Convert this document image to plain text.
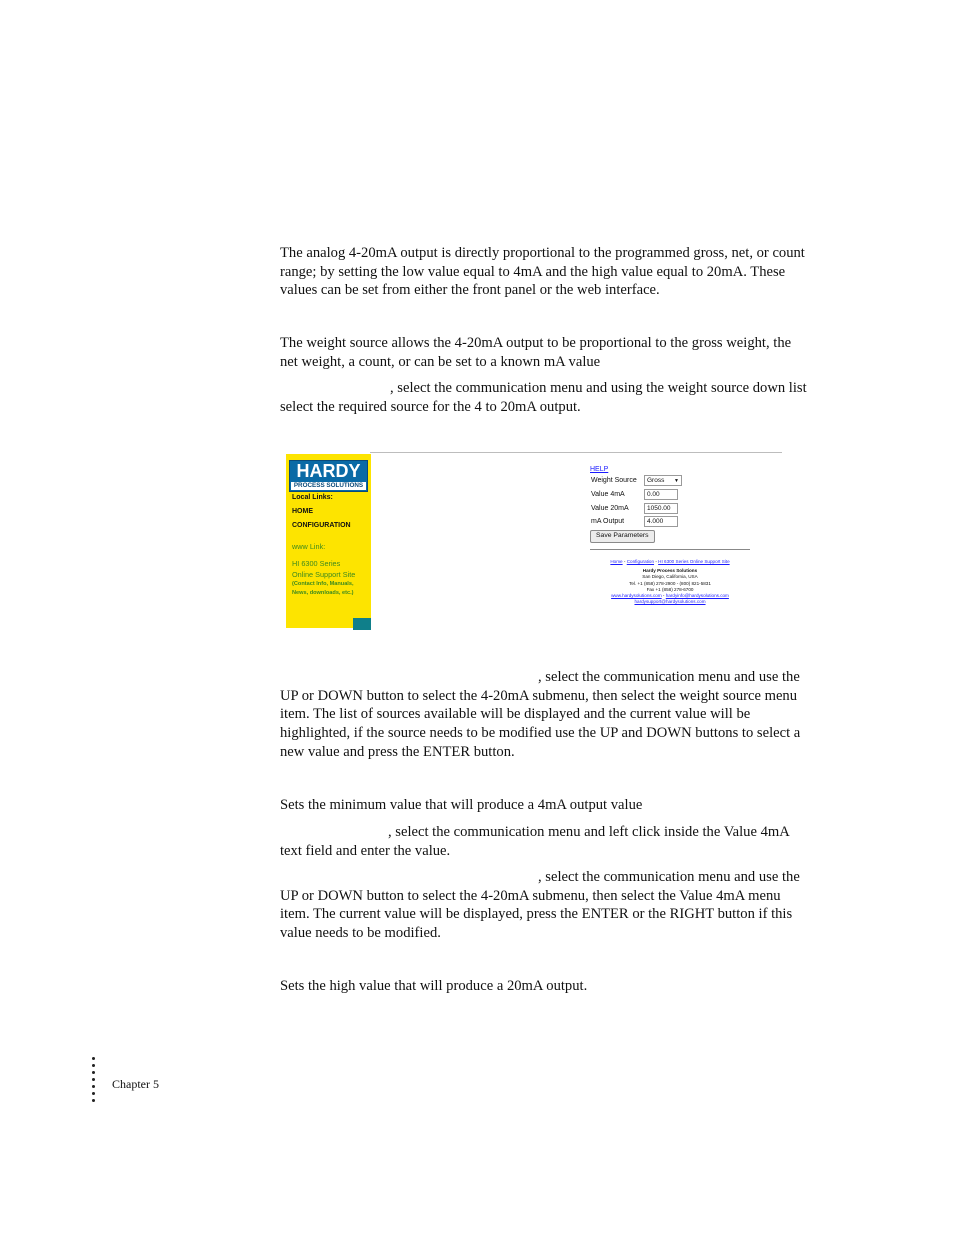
The analog 4-20mA output is directly proportional to the programmed gross, net, or count range; by setting the low value equal to 4mA and the high value equal to 20mA. These values can be set from either the front panel or the web interface.

The weight source allows the 4-20mA output to be proportional to the gross weight, the net weight, a count, or can be set to a known mA value

, select the communication menu and using the weight source down list select the required source for the 4 to 20mA output.

HARDY
PROCESS SOLUTIONS
Local Links:
HOME
CONFIGURATION
www Link:
HI 6300 Series
Online Support Site
(Contact Info, Manuals,
News, downloads, etc.)
HELP
Weight Source	Gross ▼
Value 4mA	0.00
Value 20mA	1050.00
mA Output	4.000
Save Parameters
Home - Configuration - HI 6300 Series Online Support Site
Hardy Process Solutions
San Diego, California, USA
Tel. +1 (858) 278-2900 - (800) 821-5831
Fax +1 (858) 278-6700
www.hardysolutions.com - hardyinfo@hardysolutions.com
hardysupport@hardysolutions.com

, select the communication menu and use the UP or DOWN button to select the 4-20mA submenu, then select the weight source menu item. The list of sources available will be displayed and the current value will be highlighted, if the source needs to be modified use the UP and DOWN buttons to select a new value and press the ENTER button.

Sets the minimum value that will produce a 4mA output value

, select the communication menu and left click inside the Value 4mA text field and enter the value.

, select the communication menu and use the UP or DOWN button to select the 4-20mA submenu, then select the Value 4mA menu item. The current value will be displayed, press the ENTER or the RIGHT button if this value needs to be modified.

Sets the high value that will produce a 20mA output.

Chapter 5
